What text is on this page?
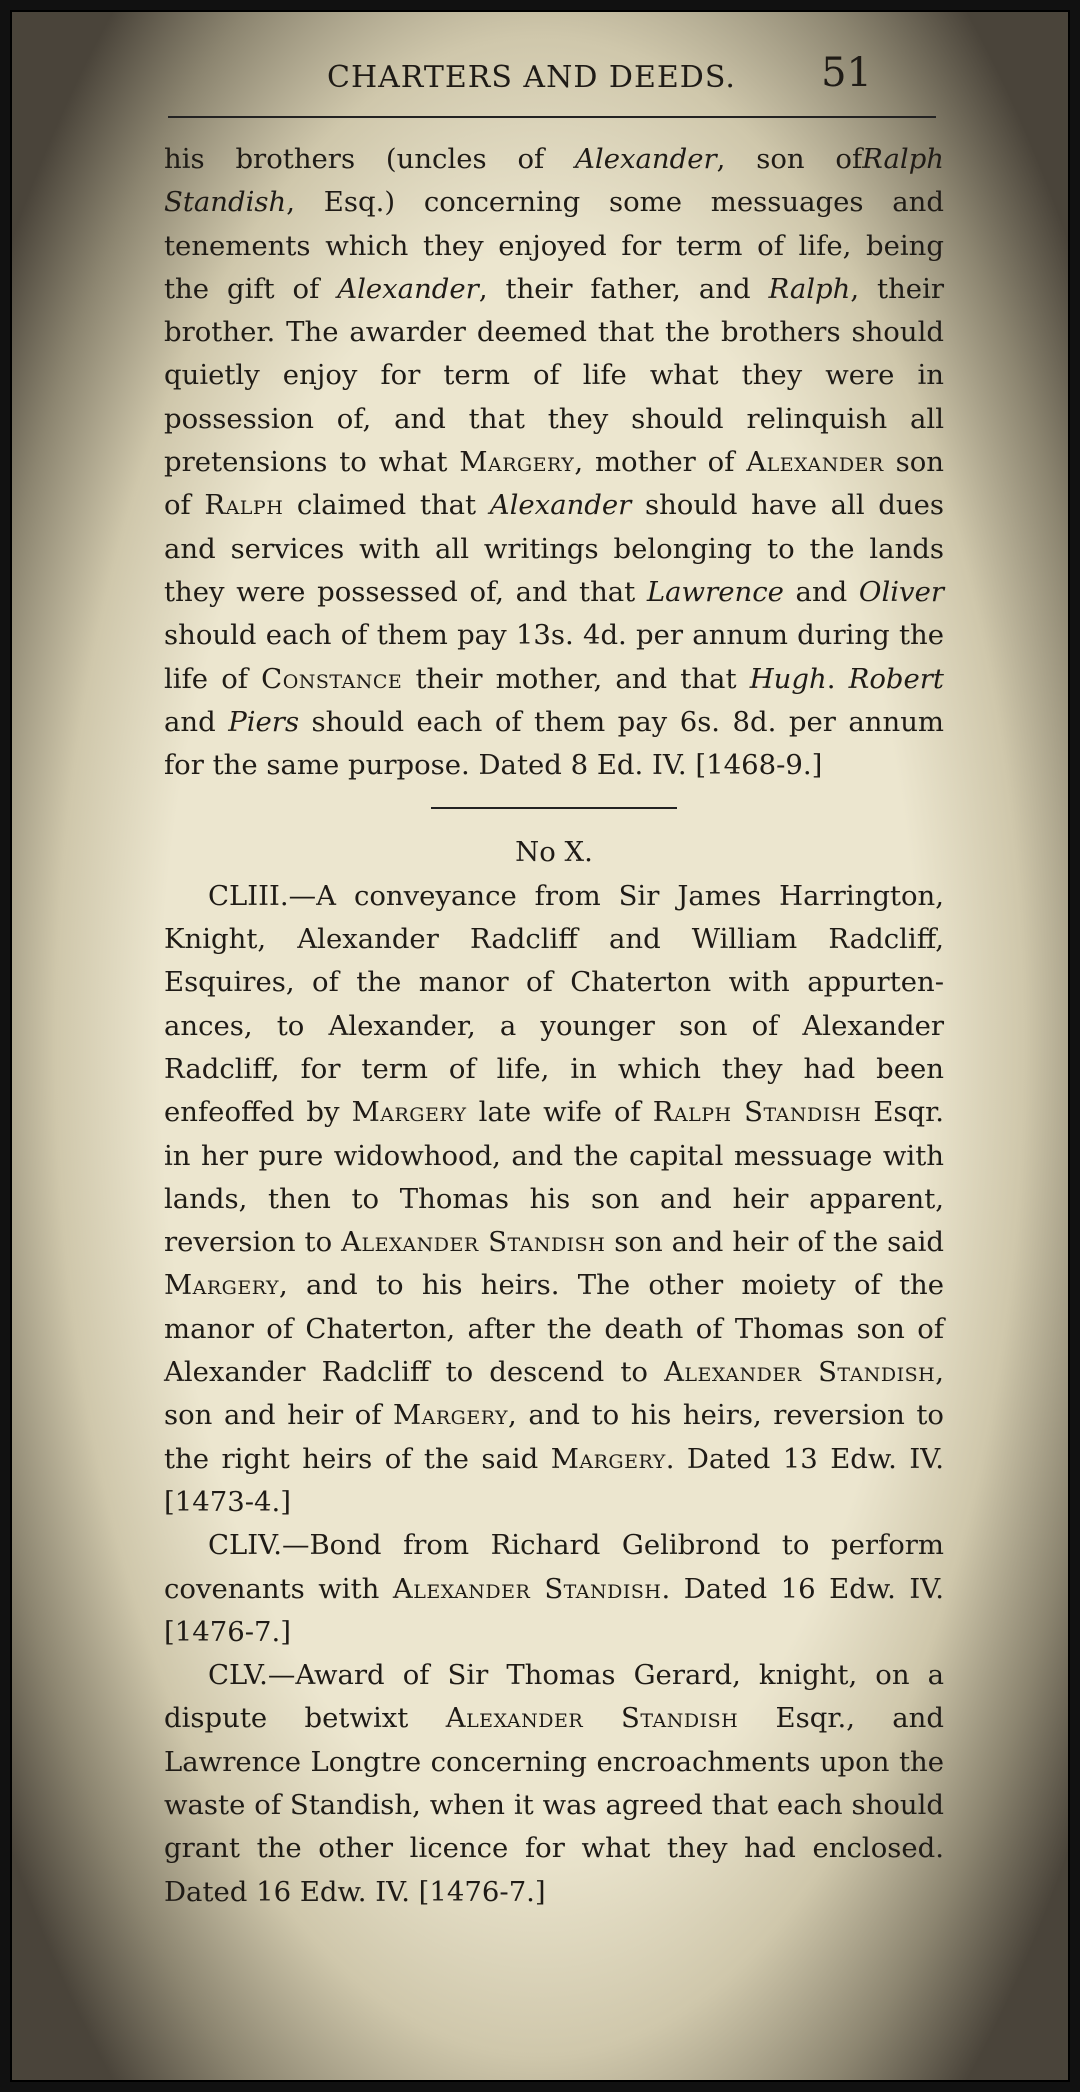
CHARTERS AND DEEDS. 51

his brothers (uncles of Alexander, son ofRalph Standish, Esq.) concerning some messuages and tenements which they enjoyed for term of life, being the gift of Alexander, their father, and Ralph, their brother. The awarder deemed that the brothers should quietly enjoy for term of life what they were in possession of, and that they should relinquish all pretensions to what Margery, mother of Alexander son of Ralph claimed that Alexander should have all dues and services with all writings belonging to the lands they were possessed of, and that Lawrence and Oliver should each of them pay 13s. 4d. per annum during the life of Constance their mother, and that Hugh. Robert and Piers should each of them pay 6s. 8d. per annum for the same purpose. Dated 8 Ed. IV. [1468-9.]

No X.

CLIII.—A conveyance from Sir James Harrington, Knight, Alexander Radcliff and William Radcliff, Esquires, of the manor of Chaterton with appurten- ances, to Alexander, a younger son of Alexander Radcliff, for term of life, in which they had been enfeoffed by Margery late wife of Ralph Standish Esqr. in her pure widowhood, and the capital messuage with lands, then to Thomas his son and heir apparent, reversion to Alexander Standish son and heir of the said Margery, and to his heirs. The other moiety of the manor of Chaterton, after the death of Thomas son of Alexander Radcliff to descend to Alexander Standish, son and heir of Margery, and to his heirs, reversion to the right heirs of the said Margery. Dated 13 Edw. IV. [1473-4.]

CLIV.—Bond from Richard Gelibrond to perform covenants with Alexander Standish. Dated 16 Edw. IV. [1476-7.]

CLV.—Award of Sir Thomas Gerard, knight, on a dispute betwixt Alexander Standish Esqr., and Lawrence Longtre concerning encroachments upon the waste of Standish, when it was agreed that each should grant the other licence for what they had enclosed. Dated 16 Edw. IV. [1476-7.]
